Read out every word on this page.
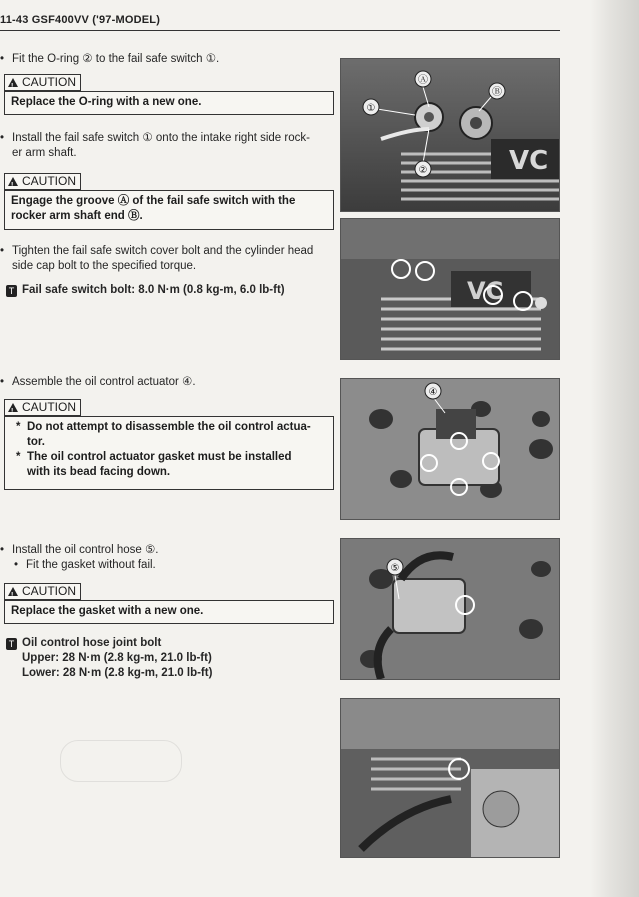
11-43 GSF400VV ('97-MODEL)
• Fit the O-ring ② to the fail safe switch ①.
!
CAUTION
Replace the O-ring with a new one.
• Install the fail safe switch ① onto the intake right side rock-
er arm shaft.
!
CAUTION
Engage the groove Ⓐ of the fail safe switch with the
rocker arm shaft end Ⓑ.
• Tighten the fail safe switch cover bolt and the cylinder head
side cap bolt to the specified torque.
T Fail safe switch bolt: 8.0 N·m (0.8 kg-m, 6.0 lb-ft)
• Assemble the oil control actuator ④.
!
CAUTION
* Do not attempt to disassemble the oil control actua-
tor.
* The oil control actuator gasket must be installed
with its bead facing down.
• Install the oil control hose ⑤.
• Fit the gasket without fail.
!
CAUTION
Replace the gasket with a new one.
T Oil control hose joint bolt
Upper: 28 N·m (2.8 kg-m, 21.0 lb-ft)
Lower: 28 N·m (2.8 kg-m, 21.0 lb-ft)
VC
Ⓐ
Ⓑ
①
②
VC
④
⑤
